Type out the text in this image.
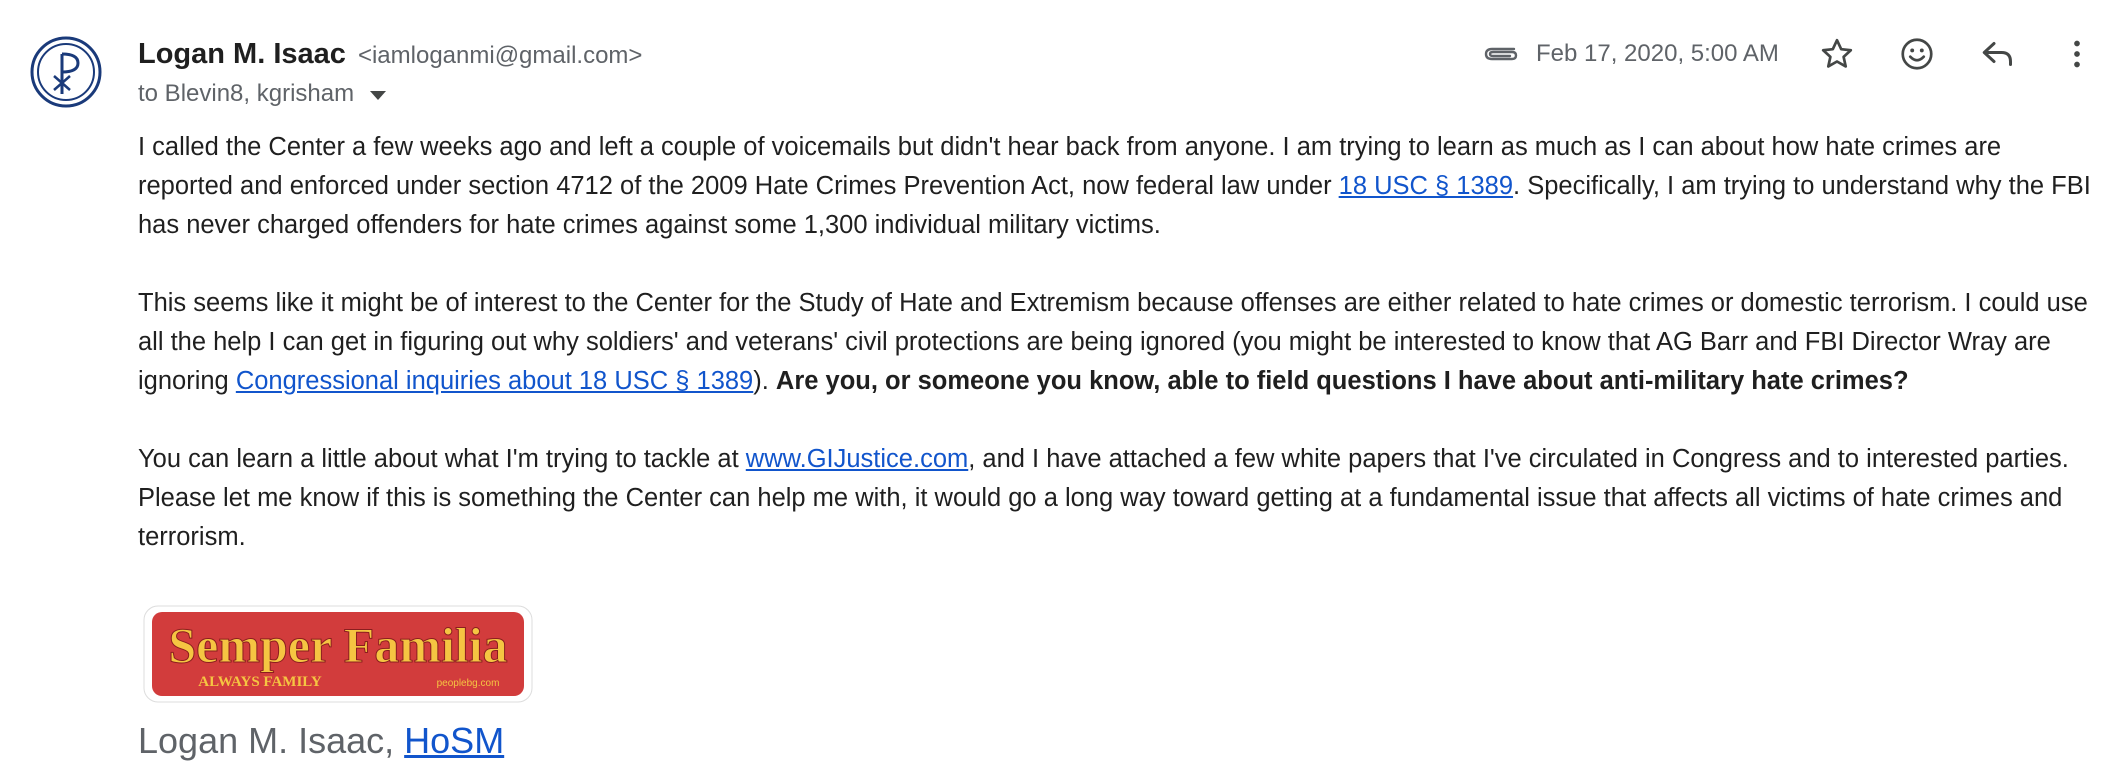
Logan M. Isaac <iamloganmi@gmail.com>
to Blevin8, kgrisham
Feb 17, 2020, 5:00 AM

I called the Center a few weeks ago and left a couple of voicemails but didn't hear back from anyone. I am trying to learn as much as I can about how hate crimes are reported and enforced under section 4712 of the 2009 Hate Crimes Prevention Act, now federal law under 18 USC § 1389. Specifically, I am trying to understand why the FBI has never charged offenders for hate crimes against some 1,300 individual military victims.

This seems like it might be of interest to the Center for the Study of Hate and Extremism because offenses are either related to hate crimes or domestic terrorism. I could use all the help I can get in figuring out why soldiers' and veterans' civil protections are being ignored (you might be interested to know that AG Barr and FBI Director Wray are ignoring Congressional inquiries about 18 USC § 1389). Are you, or someone you know, able to field questions I have about anti-military hate crimes?

You can learn a little about what I'm trying to tackle at www.GIJustice.com, and I have attached a few white papers that I've circulated in Congress and to interested parties. Please let me know if this is something the Center can help me with, it would go a long way toward getting at a fundamental issue that affects all victims of hate crimes and terrorism.

Semper Familia
ALWAYS FAMILY	peoplebg.com
Logan M. Isaac, HoSM
